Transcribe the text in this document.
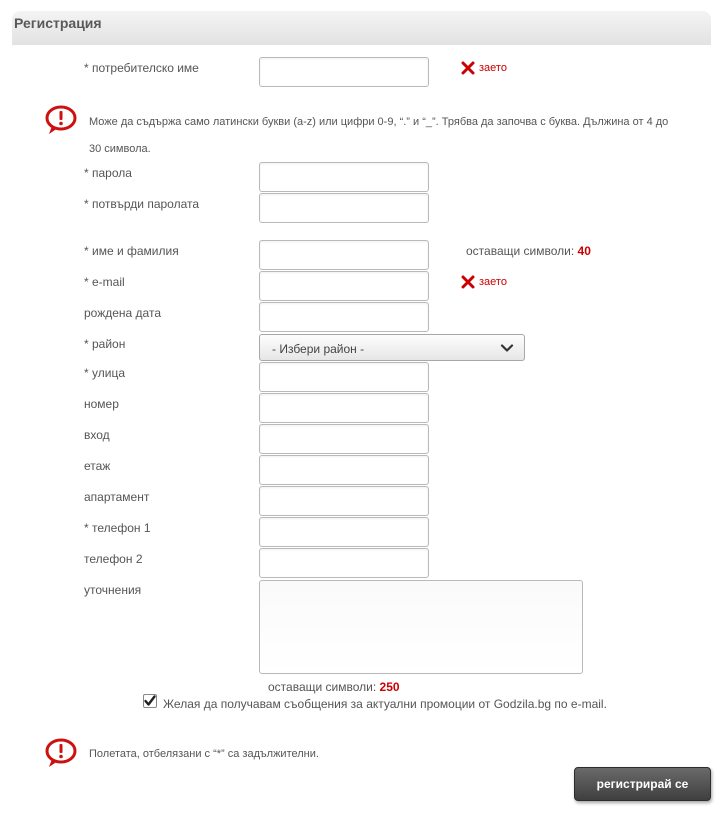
Регистрация
* потребителско име	заето
Може да съдържа само латински букви (a-z) или цифри 0-9, “.” и “_”. Трябва да започва с буква. Дължина от 4 до
30 символа.
* парола
* потвърди паролата
* име и фамилия	оставащи символи: 40
* e-mail	заето
рождена дата
* район	- Избери район -
* улица
номер
вход
етаж
апартамент
* телефон 1
телефон 2
уточнения
оставащи символи: 250
Желая да получавам съобщения за актуални промоции от Godzila.bg по e-mail.
Полетата, отбелязани с “*” са задължителни.
регистрирай се
